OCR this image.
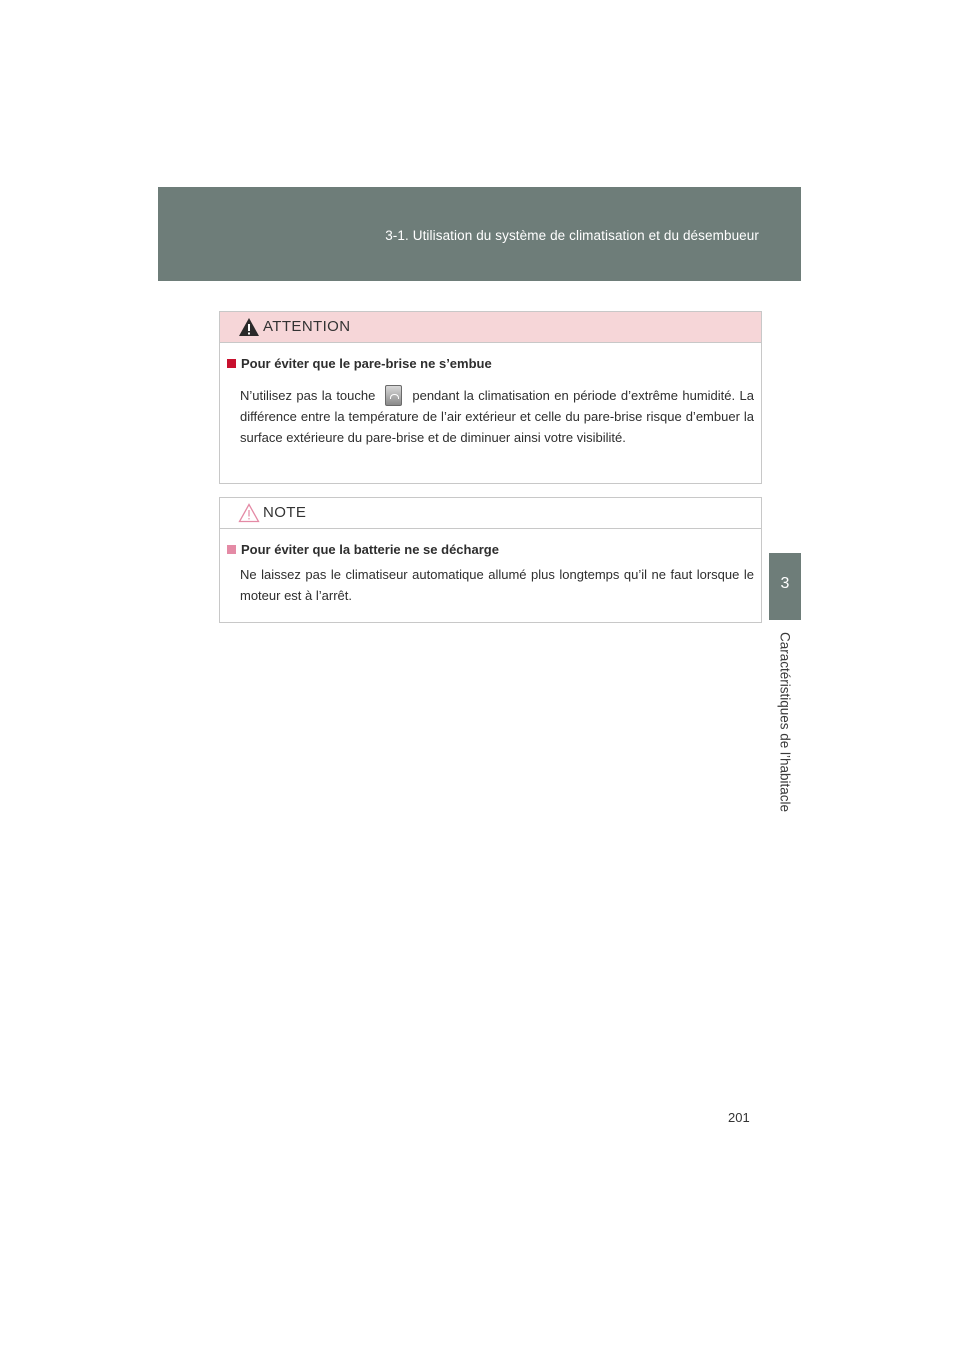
3-1. Utilisation du système de climatisation et du désembueur
3
Caractéristiques de l’habitacle
ATTENTION
Pour éviter que le pare-brise ne s’embue
N’utilisez pas la touche	pendant la climatisation en période d’extrême humidité. La différence entre la température de l’air extérieur et celle du pare-brise risque d’embuer la surface extérieure du pare-brise et de diminuer ainsi votre visibilité.
NOTE
Pour éviter que la batterie ne se décharge
Ne laissez pas le climatiseur automatique allumé plus longtemps qu’il ne faut lorsque le moteur est à l’arrêt.
201
